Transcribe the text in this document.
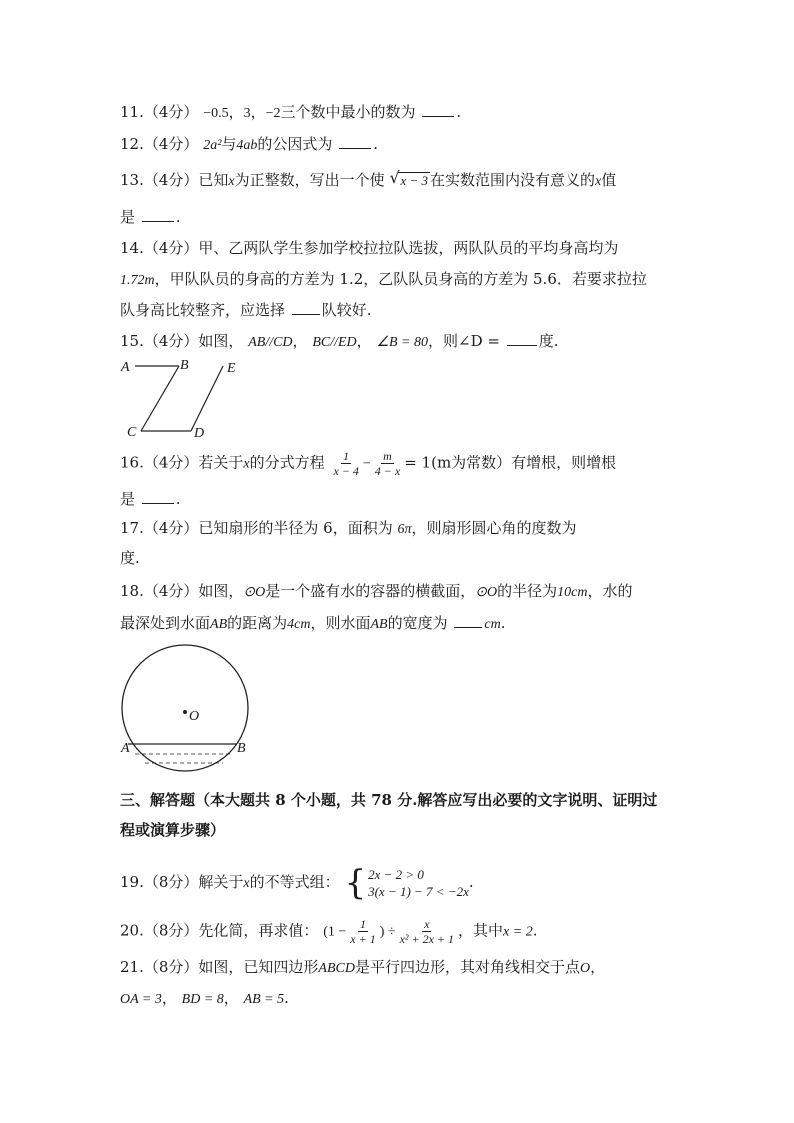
11.（4分） −0.5，3，−2三个数中最小的数为	.
12.（4分） 2a²与4ab的公因式为	.
13.（4分）已知x为正整数，写出一个使 √ x − 3 在实数范围内没有意义的x值
是	.
14.（4分）甲、乙两队学生参加学校拉拉队选拔，两队队员的平均身高均为
1.72m，甲队队员的身高的方差为 1.2，乙队队员身高的方差为 5.6．若要求拉拉
队身高比较整齐，应选择 队较好.
15.（4分）如图， AB//CD， BC//ED， ∠B = 80，则∠D =	度.
A	B	E
C	D
16.（4分）若关于x的分式方程 $\frac{1}{x - 4} - \frac{m}{4 - x} = 1(m$为常数）有增根，则增根
是	.
17.（4分）已知扇形的半径为 6，面积为 6π，则扇形圆心角的度数为
度.
18.（4分）如图，⊙O是一个盛有水的容器的横截面，⊙O的半径为10cm，水的
最深处到水面AB的距离为4cm，则水面AB的宽度为	cm.
O
A	B
三、解答题（本大题共 8 个小题，共 78 分.解答应写出必要的文字说明、证明过
程或演算步骤）
19.（8分）解关于x的不等式组： { 2x − 2 > 0
3(x − 1) − 7 < −2x
.
20.（8分）先化简，再求值： ($1 - \frac{1}{x + 1}$ ) ÷ $\frac{x}{\text{x² + 2x + 1}}$ ，其中x = 2.
21.（8分）如图，已知四边形ABCD是平行四边形，其对角线相交于点O，
OA = 3， BD = 8， AB = 5.
